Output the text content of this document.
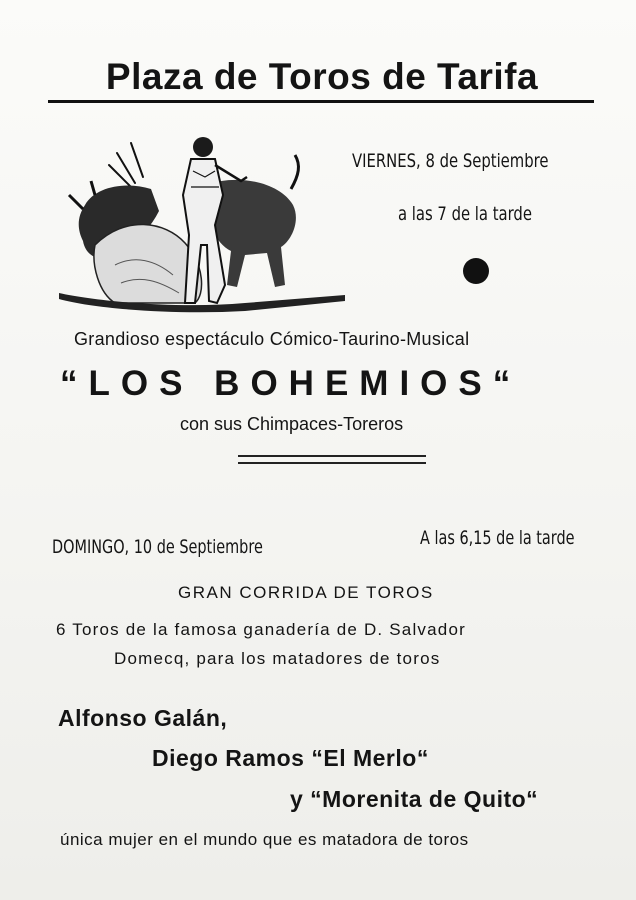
Plaza de Toros de Tarifa
VIERNES, 8 de Septiembre
a las 7 de la tarde
Grandioso espectáculo Cómico-Taurino-Musical
“LOS BOHEMIOS“
con sus Chimpaces-Toreros
DOMINGO, 10 de Septiembre	A las 6,15 de la tarde
GRAN CORRIDA DE TOROS
6 Toros de la famosa ganadería de D. Salvador
Domecq, para los matadores de toros
Alfonso Galán,
Diego Ramos “El Merlo“
y “Morenita de Quito“
única mujer en el mundo que es matadora de toros
